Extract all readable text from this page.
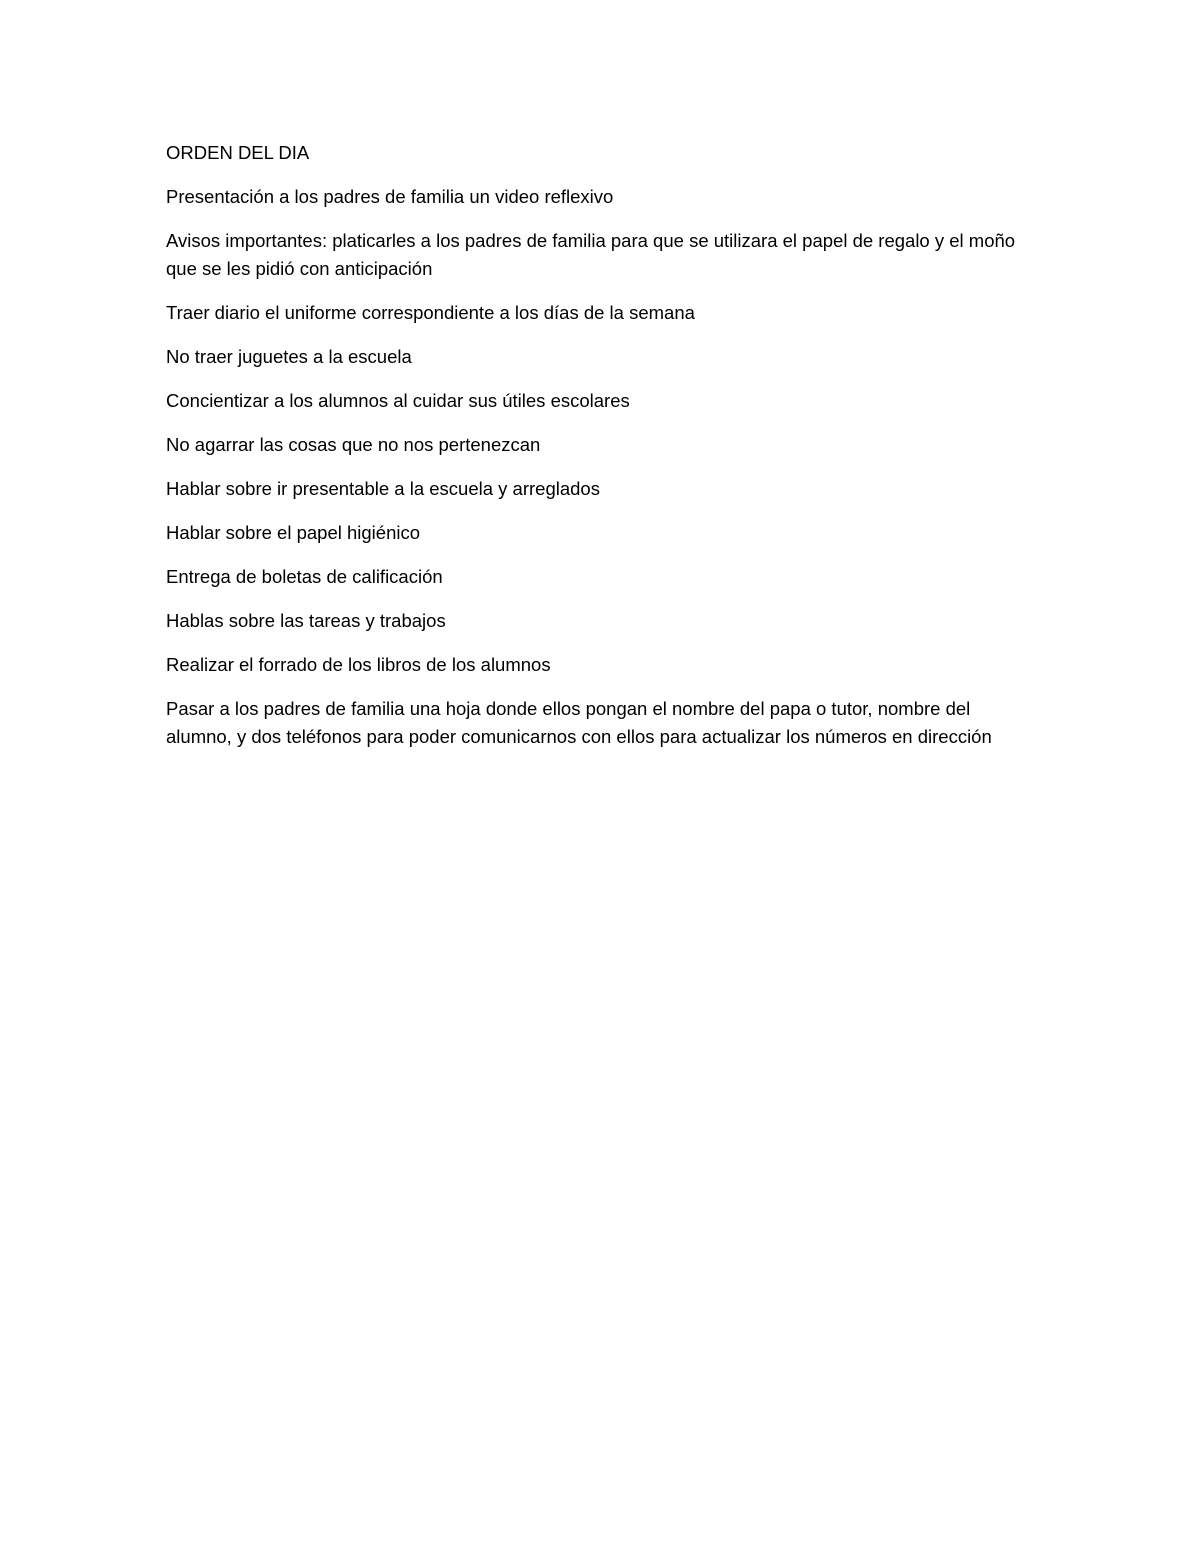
ORDEN DEL DIA

Presentación a los padres de familia un video reflexivo

Avisos importantes: platicarles a los padres de familia para que se utilizara el papel de regalo y el moño que se les pidió con anticipación

Traer diario el uniforme correspondiente a los días de la semana

No traer juguetes a la escuela

Concientizar a los alumnos al cuidar sus útiles escolares

No agarrar las cosas que no nos pertenezcan

Hablar sobre ir presentable a la escuela y arreglados

Hablar sobre el papel higiénico

Entrega de boletas de calificación

Hablas sobre las tareas y trabajos

Realizar el forrado de los libros de los alumnos

Pasar a los padres de familia una hoja donde ellos pongan el nombre del papa o tutor, nombre del alumno, y dos teléfonos para poder comunicarnos con ellos para actualizar los números en dirección
